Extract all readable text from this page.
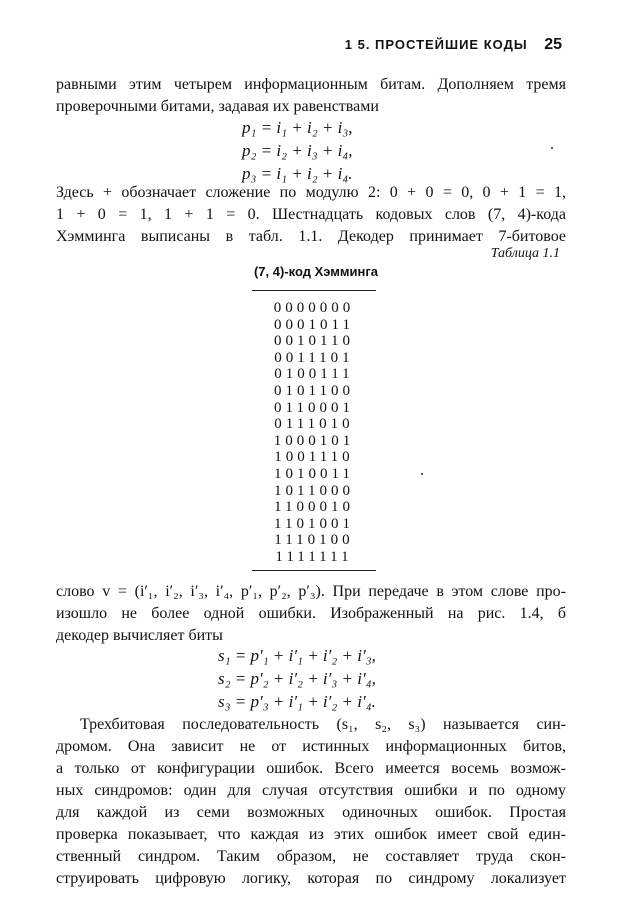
1 5. ПРОСТЕЙШИЕ КОДЫ 25
равными этим четырем информационным битам. Дополняем тремя
проверочными битами, задавая их равенствами
p₁ = i₁ + i₂ + i₃,
p₂ = i₂ + i₃ + i₄,
p₃ = i₁ + i₂ + i₄.
Здесь + обозначает сложение по модулю 2: 0 + 0 = 0, 0 + 1 = 1,
1 + 0 = 1, 1 + 1 = 0. Шестнадцать кодовых слов (7, 4)-кода
Хэмминга выписаны в табл. 1.1. Декодер принимает 7-битовое
Таблица 1.1
(7, 4)-код Хэмминга
0000000
0001011
0010110
0011101
0100111
0101100
0110001
0111010
1000101
1001110
1010011
1011000
1100010
1101001
1110100
1111111
слово v = (i′₁, i′₂, i′₃, i′₄, p′₁, p′₂, p′₃). При передаче в этом слове про-
изошло не более одной ошибки. Изображенный на рис. 1.4, б
декодер вычисляет биты
s₁ = p′₁ + i′₁ + i′₂ + i′₃,
s₂ = p′₂ + i′₂ + i′₃ + i′₄,
s₃ = p′₃ + i′₁ + i′₂ + i′₄.
Трехбитовая последовательность (s₁, s₂, s₃) называется син-
дромом. Она зависит не от истинных информационных битов,
а только от конфигурации ошибок. Всего имеется восемь возмож-
ных синдромов: один для случая отсутствия ошибки и по одному
для каждой из семи возможных одиночных ошибок. Простая
проверка показывает, что каждая из этих ошибок имеет свой един-
ственный синдром. Таким образом, не составляет труда скон-
струировать цифровую логику, которая по синдрому локализует
